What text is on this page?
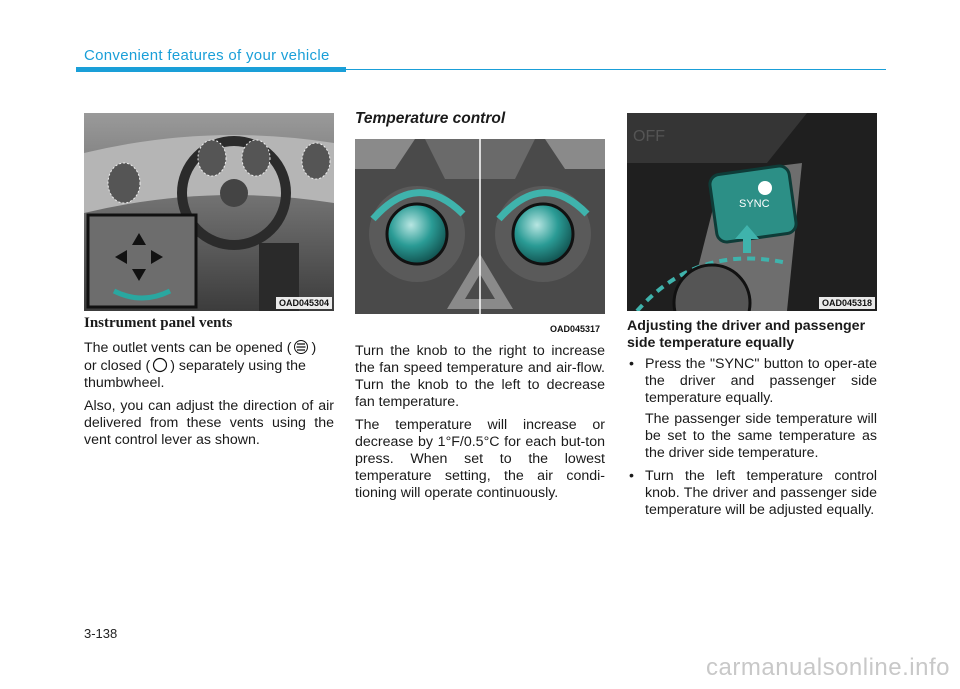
Convenient features of your vehicle
OAD045304
OAD045317
OFF
SYNC
OAD045318
Instrument panel vents

The outlet vents can be opened ( )
or closed ( ) separately using the
thumbwheel.

Also, you can adjust the direction of air delivered from these vents using the vent control lever as shown.

Temperature control

Turn the knob to the right to increase the fan speed temperature and air-flow. Turn the knob to the left to decrease fan temperature.

The temperature will increase or decrease by 1°F/0.5°C for each but-ton press. When set to the lowest temperature setting, the air condi-tioning will operate continuously.

Adjusting the driver and passenger side temperature equally
• Press the "SYNC" button to oper-ate the driver and passenger side temperature equally.
The passenger side temperature will be set to the same temperature as the driver side temperature.
• Turn the left temperature control knob. The driver and passenger side temperature will be adjusted equally.
3-138
carmanualsonline.info
